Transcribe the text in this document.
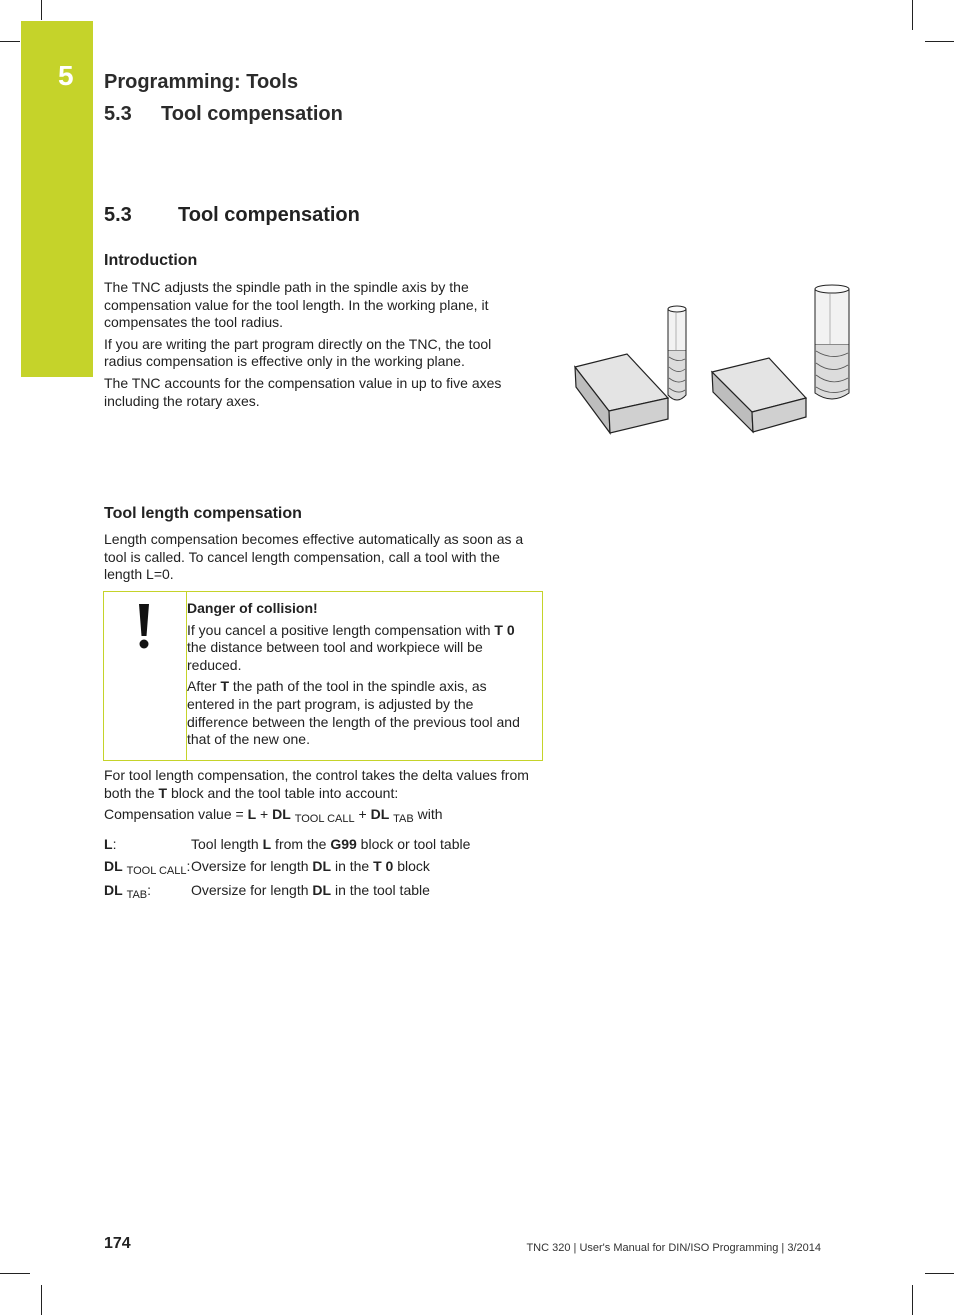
5 Programming: Tools
5.3 Tool compensation
5.3 Tool compensation
Introduction

The TNC adjusts the spindle path in the spindle axis by the compensation value for the tool length. In the working plane, it compensates the tool radius.

If you are writing the part program directly on the TNC, the tool radius compensation is effective only in the working plane.

The TNC accounts for the compensation value in up to five axes including the rotary axes.

Tool length compensation

Length compensation becomes effective automatically as soon as a tool is called. To cancel length compensation, call a tool with the length L=0.

Danger of collision!

If you cancel a positive length compensation with T 0 the distance between tool and workpiece will be reduced.

After T the path of the tool in the spindle axis, as entered in the part program, is adjusted by the difference between the length of the previous tool and that of the new one.

For tool length compensation, the control takes the delta values from both the T block and the tool table into account:

Compensation value = L + DL $_{TOOL CALL}$ + DL $_{TAB}$ with

L:	Tool length L from the G99 block or tool table
DL $_{TOOL CALL}$: Oversize for length DL in the T 0 block
DL $_{TAB}$:	Oversize for length DL in the tool table
174	TNC 320 | User's Manual for DIN/ISO Programming | 3/2014
